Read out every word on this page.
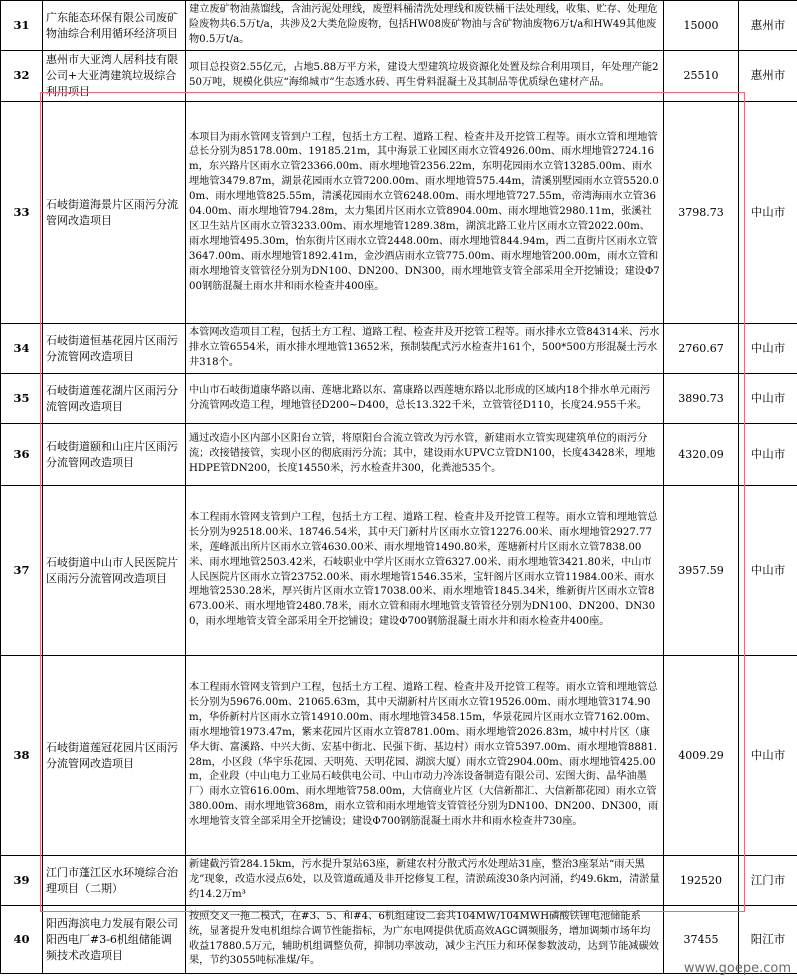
31	广东能态环保有限公司废矿物油综合利用循环经济项目	建立废矿物油蒸馏线，含油污泥处理线，废塑料桶清洗处理线和废铁桶干法处理线，收集、贮存、处理危险废物共6.5万t/a，共涉及2大类危险废物，包括HW08废矿物油与含矿物油废物6万t/a和HW49其他废物0.5万t/a。	15000	惠州市
32	惠州市大亚湾人居科技有限公司+大亚湾建筑垃圾综合利用项目	项目总投资2.55亿元，占地5.88万平方米，建设大型建筑垃圾资源化处置及综合利用项目，年处理产能250万吨，规模化供应“海绵城市”生态透水砖、再生骨料混凝土及其制品等优质绿色建材产品。	25510	惠州市
33	石岐街道海景片区雨污分流管网改造项目	本项目为雨水管网支管到户工程，包括土方工程、道路工程、检查井及开挖管工程等。雨水立管和埋地管总长分别为85178.00m、19185.21m，其中海景工业园区雨水立管4926.00m、雨水埋地管2724.16m，东兴路片区雨水立管23366.00m、雨水埋地管2356.22m，东明花园雨水立管13285.00m、雨水埋地管3479.87m，湖景花园雨水立管7200.00m、雨水埋地管575.44m，清溪别墅园雨水立管5520.00m、雨水埋地管825.55m，清溪花园雨水立管6248.00m、雨水埋地管727.55m，帝湾海雨水立管3604.00m、雨水埋地管794.28m，太力集团片区雨水立管8904.00m、雨水埋地管2980.11m，张溪社区卫生站片区雨水立管3233.00m、雨水埋地管1289.38m，湖滨北路工业片区雨水立管2022.00m、雨水埋地管495.30m，怡东街片区雨水立管2448.00m、雨水埋地管844.94m，西二直街片区雨水立管3647.00m、雨水埋地管1892.41m，金沙酒店雨水立管775.00m、雨水埋地管200.00m，雨水立管和雨水埋地管支管管径分别为DN100、DN200、DN300，雨水埋地管支管全部采用全开挖铺设；建设Φ700钢筋混凝土雨水井和雨水检查井400座。	3798.73	中山市
34	石岐街道恒基花园片区雨污分流管网改造项目	本管网改造项目工程，包括土方工程、道路工程、检查井及开挖管工程等。雨水排水立管84314米、污水排水立管6554米，雨水排水埋地管13652米，预制装配式污水检查井161个，500*500方形混凝土污水井318个。	2760.67	中山市
35	石岐街道莲花湖片区雨污分流管网改造项目	中山市石岐街道康华路以南、莲塘北路以东、富康路以西莲塘东路以北形成的区域内18个排水单元雨污分流管网改造工程，埋地管径D200~D400，总长13.322千米，立管管径D110，长度24.955千米。	3890.73	中山市
36	石岐街道颐和山庄片区雨污分流管网改造项目	通过改造小区内部小区阳台立管，将原阳台合流立管改为污水管，新建雨水立管实现建筑单位的雨污分流；改接错接管，实现小区的彻底雨污分流；其中，建设雨水UPVC立管DN100，长度43428米，埋地HDPE管DN200，长度14550米，污水检查井300，化粪池535个。	4320.09	中山市
37	石岐街道中山市人民医院片区雨污分流管网改造项目	本工程雨水管网支管到户工程，包括土方工程、道路工程、检查井及开挖管工程等。雨水立管和埋地管总长分别为92518.00米、18746.54米，其中天门新村片区雨水立管12276.00米、雨水埋地管2927.77米，莲峰派出所片区雨水立管4630.00米、雨水埋地管1490.80米，莲塘新村片区雨水立管7838.00米、雨水埋地管2503.42米，石岐职业中学片区雨水立管6327.00米、雨水埋地管3421.80米，中山市人民医院片区雨水立管23752.00米、雨水埋地管1546.35米，宝轩阁片区雨水立管11984.00米、雨水埋地管2530.28米，厚兴街片区雨水立管17038.00米、雨水埋地管1845.34米，维新街片区雨水立管8673.00米、雨水埋地管2480.78米，雨水立管和雨水埋地管支管管径分别为DN100、DN200、DN300，雨水埋地管支管全部采用全开挖铺设；建设Φ700钢筋混凝土雨水井和雨水检查井400座。	3957.59	中山市
38	石岐街道莲冠花园片区雨污分流管网改造项目	本工程雨水管网支管到户工程，包括土方工程、道路工程、检查井及开挖管工程等。雨水立管和埋地管总长分别为59676.00m、21065.63m，其中天湖新村片区雨水立管19526.00m、雨水埋地管3174.90m，华侨新村片区雨水立管14910.00m、雨水埋地管3458.15m，华景花园片区雨水立管7162.00m、雨水埋地管1973.47m，紫来花园片区雨水立管8781.00m、雨水埋地管2026.83m，城中村片区（康华大街、富溪路、中兴大街、宏基中街北、民强下街、基边村）雨水立管5397.00m、雨水埋地管8881.28m，小区段（华宇乐花园、天明苑、天明花园、湖滨大厦）雨水立管2904.00m、雨水埋地管425.00m，企业段（中山电力工业局石岐供电公司、中山市动力冷冻设备制造有限公司、宏图大街、晶华油墨厂）雨水立管616.00m、雨水埋地管758.00m，大信商业片区（大信新都汇、大信新都花园）雨水立管380.00m、雨水埋地管368m，雨水立管和雨水埋地管支管管径分别为DN100、DN200、DN300，雨水埋地管支管全部采用全开挖铺设；建设Φ700钢筋混凝土雨水井和雨水检查井730座。	4009.29	中山市
39	江门市蓬江区水环境综合治理项目（二期）	新建截污管284.15km，污水提升泵站63座，新建农村分散式污水处理站31座，整治3座泵站“雨天黑龙”现象，改造水浸点6处，以及管道疏通及非开挖修复工程，清淤疏浚30条内河涌，约49.6km，清淤量约14.2万m³	192520	江门市
40	阳西海滨电力发展有限公司阳西电厂#3-6机组储能调频技术改造项目	按照交叉一拖二模式，在#3、5、和#4、6机组建设二套共104MW/104MWH磷酸铁锂电池储能系统，显著提升发电机组综合调节性能指标，为广东电网提供优质高效AGC调频服务，增加调频市场年均收益17880.5万元，辅助机组调整负荷，抑制功率波动，减少主汽压力和环保参数波动，达到节能减碳效果，节约3055吨标准煤/年。	37455	阳江市
www.goepe.com
